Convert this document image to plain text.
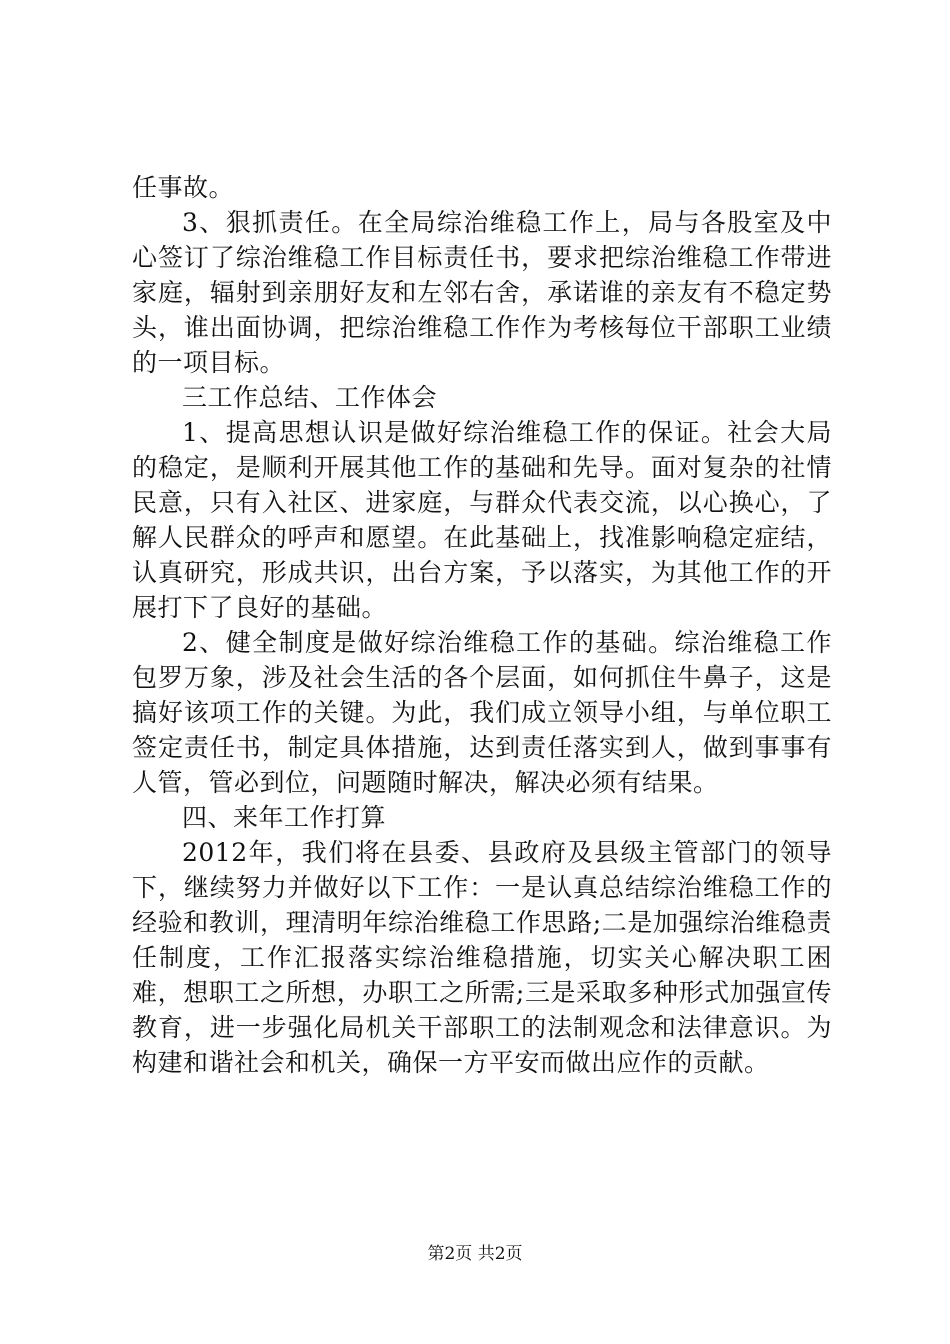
任事故。

3、狠抓责任。在全局综治维稳工作上，局与各股室及中心签订了综治维稳工作目标责任书，要求把综治维稳工作带进家庭，辐射到亲朋好友和左邻右舍，承诺谁的亲友有不稳定势头，谁出面协调，把综治维稳工作作为考核每位干部职工业绩的一项目标。

三工作总结、工作体会

1、提高思想认识是做好综治维稳工作的保证。社会大局的稳定，是顺利开展其他工作的基础和先导。面对复杂的社情民意，只有入社区、进家庭，与群众代表交流，以心换心，了解人民群众的呼声和愿望。在此基础上，找准影响稳定症结，认真研究，形成共识，出台方案，予以落实，为其他工作的开展打下了良好的基础。

2、健全制度是做好综治维稳工作的基础。综治维稳工作包罗万象，涉及社会生活的各个层面，如何抓住牛鼻子，这是搞好该项工作的关键。为此，我们成立领导小组，与单位职工签定责任书，制定具体措施，达到责任落实到人，做到事事有人管，管必到位，问题随时解决，解决必须有结果。

四、来年工作打算

2012年，我们将在县委、县政府及县级主管部门的领导下，继续努力并做好以下工作：一是认真总结综治维稳工作的经验和教训，理清明年综治维稳工作思路;二是加强综治维稳责任制度，工作汇报落实综治维稳措施，切实关心解决职工困难，想职工之所想，办职工之所需;三是采取多种形式加强宣传教育，进一步强化局机关干部职工的法制观念和法律意识。为构建和谐社会和机关，确保一方平安而做出应作的贡献。

第2页 共2页
